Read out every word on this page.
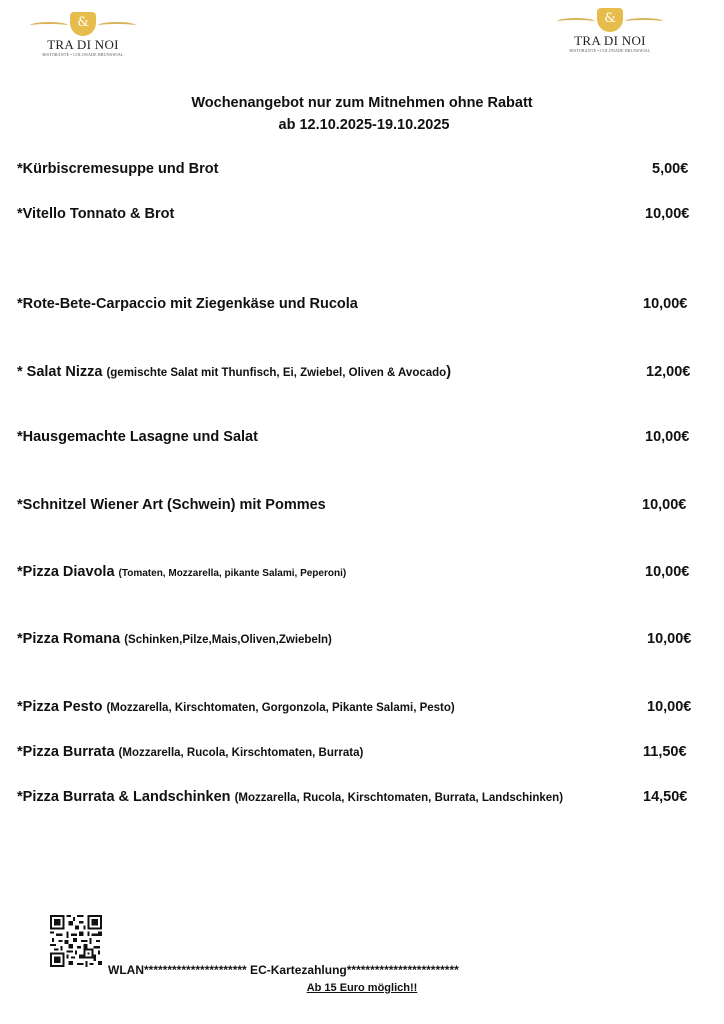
&
TRA DI NOI
RISTORANTE • COLONADE BRUNSWIAL
&
TRA DI NOI
RISTORANTE • COLONADE BRUNSWIAL
Wochenangebot nur zum Mitnehmen ohne Rabatt
ab 12.10.2025-19.10.2025
*Kürbiscremesuppe und Brot	5,00€
*Vitello Tonnato & Brot	10,00€
*Rote-Bete-Carpaccio mit Ziegenkäse und Rucola	10,00€
* Salat Nizza (gemischte Salat mit Thunfisch, Ei, Zwiebel, Oliven & Avocado)	12,00€
*Hausgemachte Lasagne und Salat	10,00€
*Schnitzel Wiener Art (Schwein) mit Pommes	10,00€
*Pizza Diavola (Tomaten, Mozzarella, pikante Salami, Peperoni)	10,00€
*Pizza Romana (Schinken,Pilze,Mais,Oliven,Zwiebeln)	10,00€
*Pizza Pesto (Mozzarella, Kirschtomaten, Gorgonzola, Pikante Salami, Pesto)	10,00€
*Pizza Burrata (Mozzarella, Rucola, Kirschtomaten, Burrata)	11,50€
*Pizza Burrata & Landschinken (Mozzarella, Rucola, Kirschtomaten, Burrata, Landschinken)	14,50€
WLAN********************** EC-Kartezahlung************************
Ab 15 Euro möglich!!
